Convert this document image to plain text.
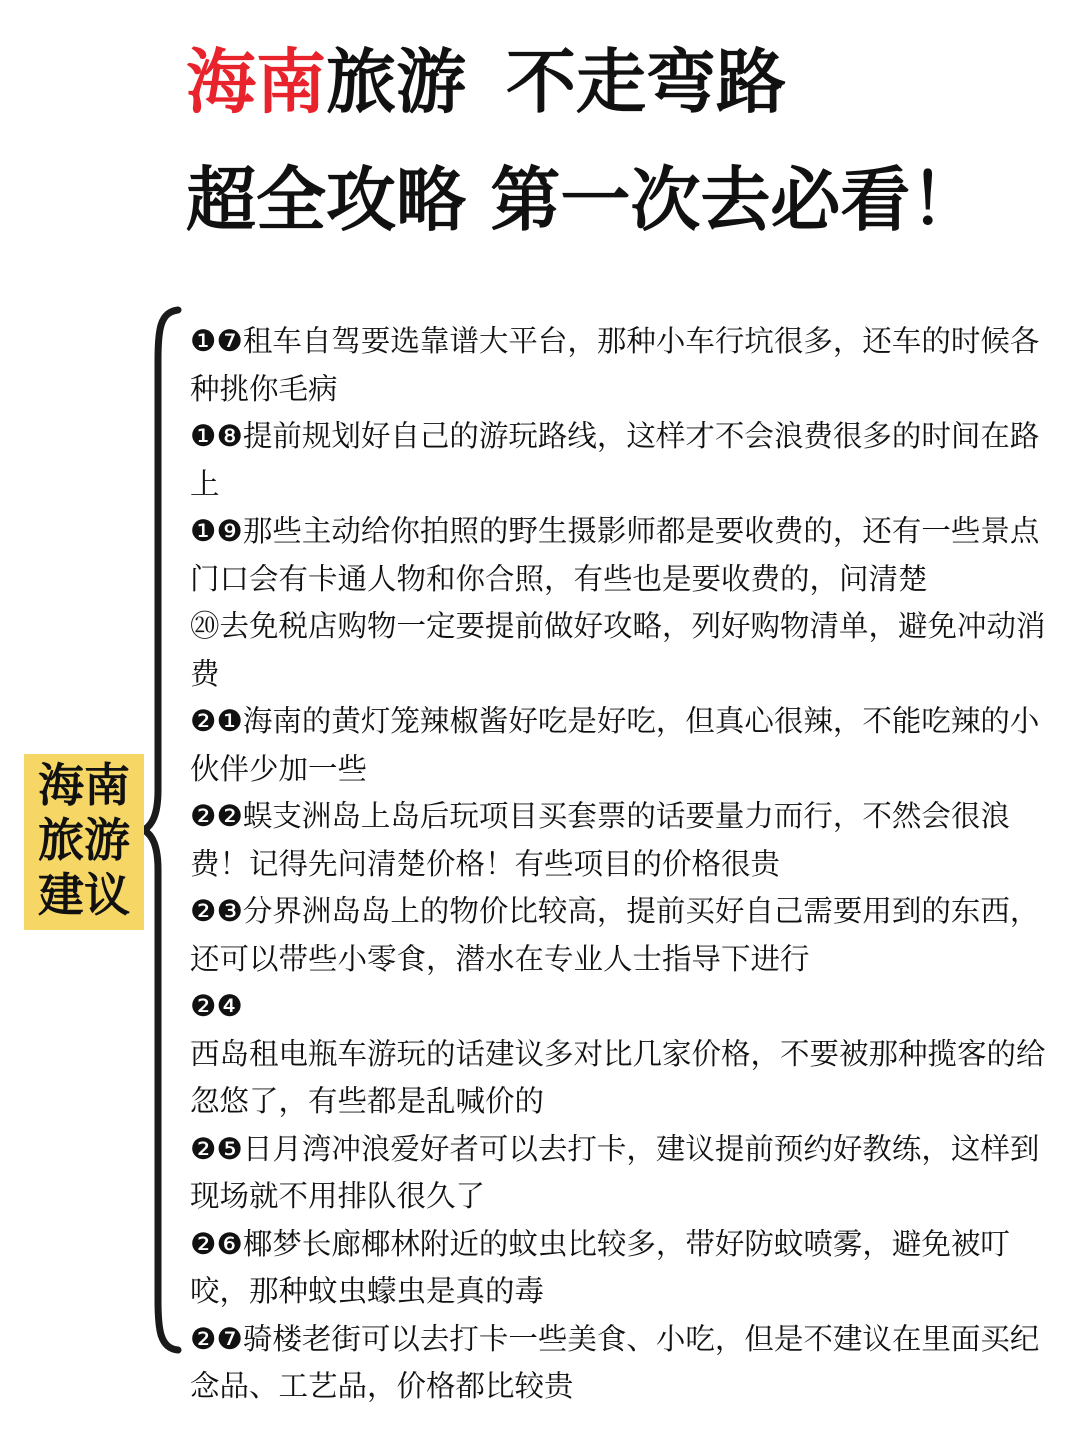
海南旅游 不走弯路
超全攻略 第一次去必看！
海南
旅游
建议
❶❼租车自驾要选靠谱大平台，那种小车行坑很多，还车的时候各种挑你毛病
❶❽提前规划好自己的游玩路线，这样才不会浪费很多的时间在路上
❶❾那些主动给你拍照的野生摄影师都是要收费的，还有一些景点门口会有卡通人物和你合照，有些也是要收费的，问清楚
⑳去免税店购物一定要提前做好攻略，列好购物清单，避免冲动消费
❷❶海南的黄灯笼辣椒酱好吃是好吃，但真心很辣，不能吃辣的小伙伴少加一些
❷❷蜈支洲岛上岛后玩项目买套票的话要量力而行，不然会很浪费！记得先问清楚价格！有些项目的价格很贵
❷❸分界洲岛岛上的物价比较高，提前买好自己需要用到的东西，还可以带些小零食，潜水在专业人士指导下进行
❷❹
西岛租电瓶车游玩的话建议多对比几家价格，不要被那种揽客的给忽悠了，有些都是乱喊价的
❷❺日月湾冲浪爱好者可以去打卡，建议提前预约好教练，这样到现场就不用排队很久了
❷❻椰梦长廊椰林附近的蚊虫比较多，带好防蚊喷雾，避免被叮咬，那种蚊虫蠓虫是真的毒
❷❼骑楼老街可以去打卡一些美食、小吃，但是不建议在里面买纪念品、工艺品，价格都比较贵
